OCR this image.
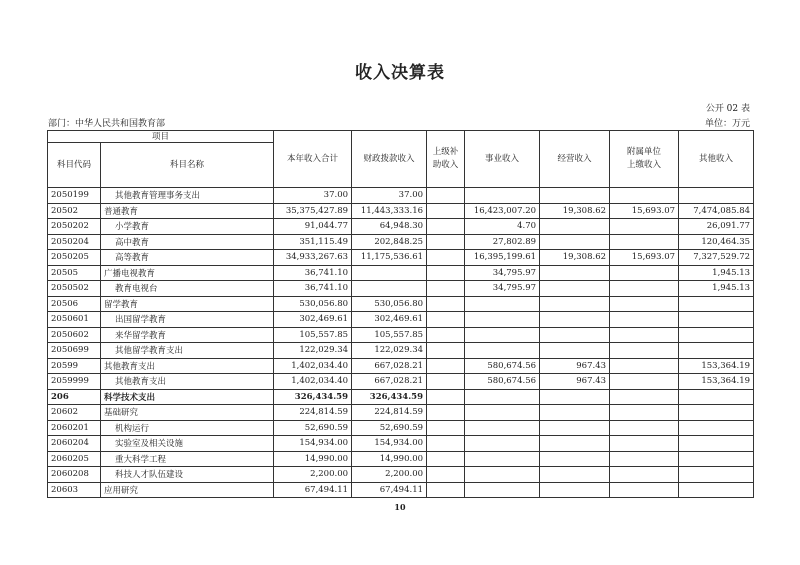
收入决算表
公开 02 表
部门：中华人民共和国教育部	单位：万元
项目		本年收入合计	财政拨款收入	上级补
助收入	事业收入	经营收入	附属单位
上缴收入	其他收入
科目代码	科目名称							
2050199	其他教育管理事务支出	37.00	37.00					
20502	普通教育	35,375,427.89	11,443,333.16		16,423,007.20	19,308.62	15,693.07	7,474,085.84
2050202	小学教育	91,044.77	64,948.30		4.70			26,091.77
2050204	高中教育	351,115.49	202,848.25		27,802.89			120,464.35
2050205	高等教育	34,933,267.63	11,175,536.61		16,395,199.61	19,308.62	15,693.07	7,327,529.72
20505	广播电视教育	36,741.10			34,795.97			1,945.13
2050502	教育电视台	36,741.10			34,795.97			1,945.13
20506	留学教育	530,056.80	530,056.80					
2050601	出国留学教育	302,469.61	302,469.61					
2050602	来华留学教育	105,557.85	105,557.85					
2050699	其他留学教育支出	122,029.34	122,029.34					
20599	其他教育支出	1,402,034.40	667,028.21		580,674.56	967.43		153,364.19
2059999	其他教育支出	1,402,034.40	667,028.21		580,674.56	967.43		153,364.19
206	科学技术支出	326,434.59	326,434.59					
20602	基础研究	224,814.59	224,814.59					
2060201	机构运行	52,690.59	52,690.59					
2060204	实验室及相关设施	154,934.00	154,934.00					
2060205	重大科学工程	14,990.00	14,990.00					
2060208	科技人才队伍建设	2,200.00	2,200.00					
20603	应用研究	67,494.11	67,494.11					
10
